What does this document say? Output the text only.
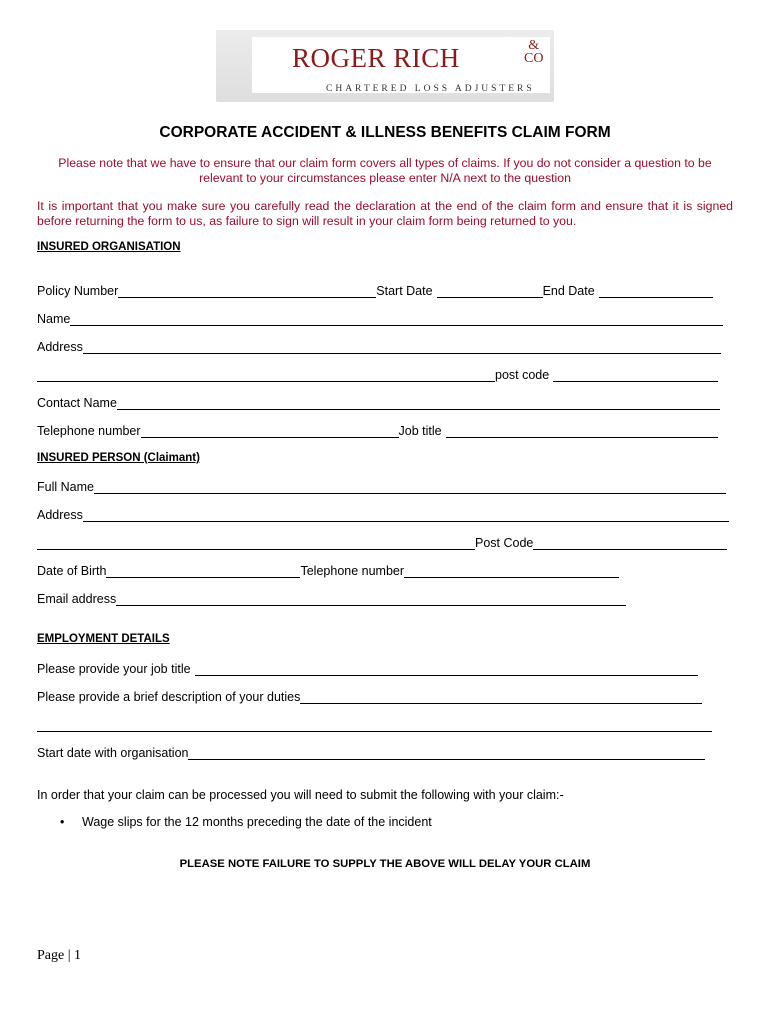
ROGER RICH	&
CO
CHARTERED LOSS ADJUSTERS
CORPORATE ACCIDENT & ILLNESS BENEFITS CLAIM FORM
Please note that we have to ensure that our claim form covers all types of claims. If you do not consider a question to be relevant to your circumstances please enter N/A next to the question
It is important that you make sure you carefully read the declaration at the end of the claim form and ensure that it is signed before returning the form to us, as failure to sign will result in your claim form being returned to you.
INSURED ORGANISATION
Policy Number	Start Date	End Date
Name
Address
post code
Contact Name
Telephone number	Job title
INSURED PERSON (Claimant)
Full Name
Address
Post Code
Date of Birth	Telephone number
Email address
EMPLOYMENT DETAILS
Please provide your job title
Please provide a brief description of your duties
Start date with organisation
In order that your claim can be processed you will need to submit the following with your claim:-
• Wage slips for the 12 months preceding the date of the incident
PLEASE NOTE FAILURE TO SUPPLY THE ABOVE WILL DELAY YOUR CLAIM
Page | 1
